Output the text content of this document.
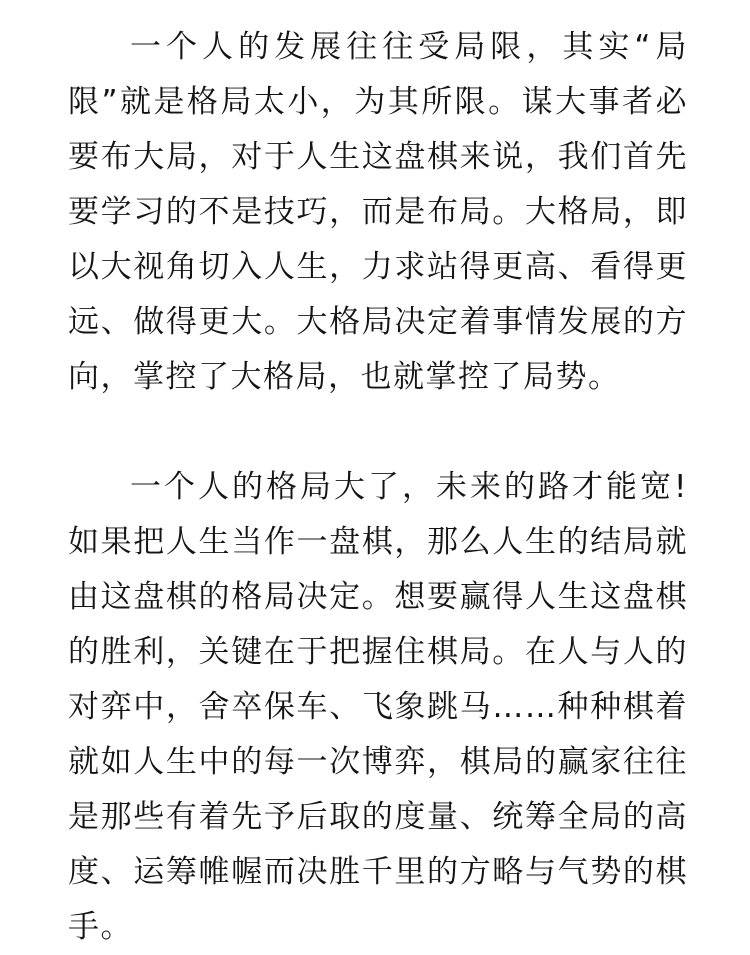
一个人的发展往往受局限，其实“局限”就是格局太小，为其所限。谋大事者必要布大局，对于人生这盘棋来说，我们首先要学习的不是技巧，而是布局。大格局，即以大视角切入人生，力求站得更高、看得更远、做得更大。大格局决定着事情发展的方向，掌控了大格局，也就掌控了局势。

一个人的格局大了，未来的路才能宽!如果把人生当作一盘棋，那么人生的结局就由这盘棋的格局决定。想要赢得人生这盘棋的胜利，关键在于把握住棋局。在人与人的对弈中，舍卒保车、飞象跳马……种种棋着就如人生中的每一次博弈，棋局的赢家往往是那些有着先予后取的度量、统筹全局的高度、运筹帷幄而决胜千里的方略与气势的棋手。
